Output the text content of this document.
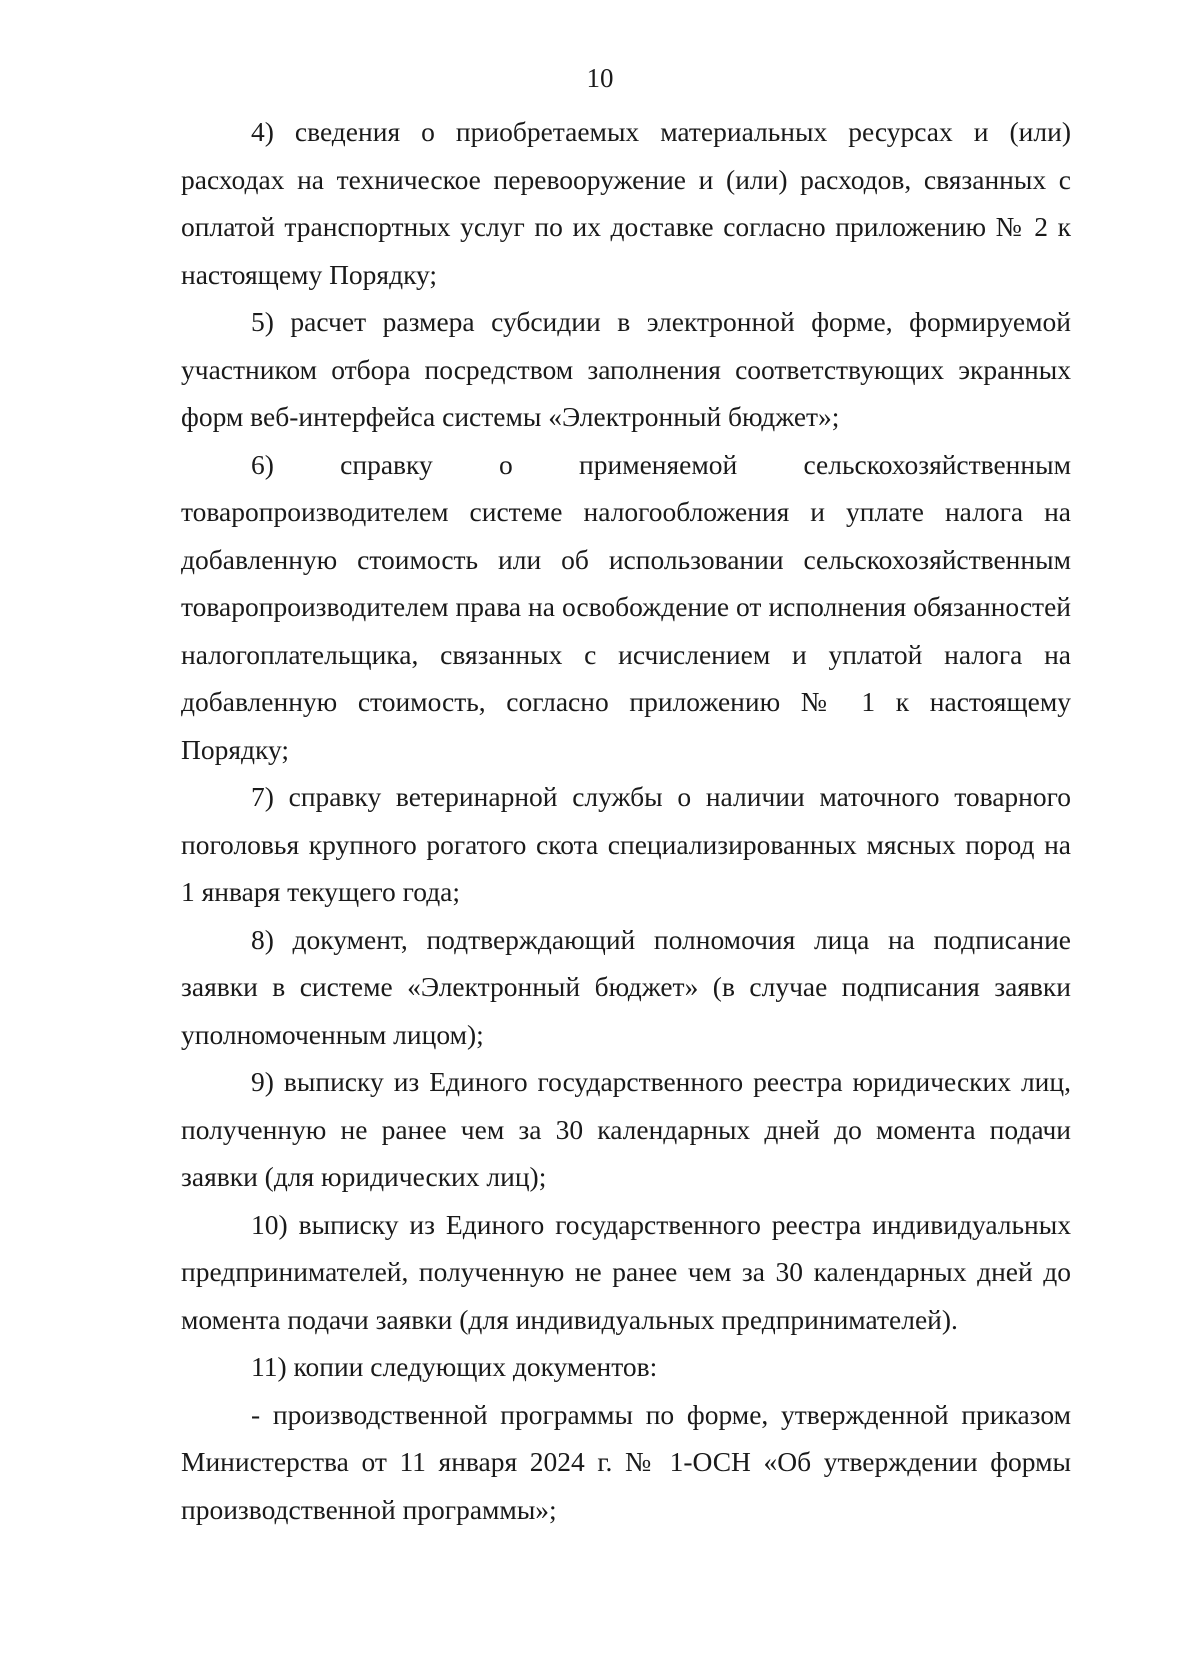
10

4) сведения о приобретаемых материальных ресурсах и (или) расходах на техническое перевооружение и (или) расходов, связанных с оплатой транспортных услуг по их доставке согласно приложению № 2 к настоящему Порядку;

5) расчет размера субсидии в электронной форме, формируемой участником отбора посредством заполнения соответствующих экранных форм веб-интерфейса системы «Электронный бюджет»;

6) справку о применяемой сельскохозяйственным товаропроизводителем системе налогообложения и уплате налога на добавленную стоимость или об использовании сельскохозяйственным товаропроизводителем права на освобождение от исполнения обязанностей налогоплательщика, связанных с исчислением и уплатой налога на добавленную стоимость, согласно приложению № 1 к настоящему Порядку;

7) справку ветеринарной службы о наличии маточного товарного поголовья крупного рогатого скота специализированных мясных пород на 1 января текущего года;

8) документ, подтверждающий полномочия лица на подписание заявки в системе «Электронный бюджет» (в случае подписания заявки уполномоченным лицом);

9) выписку из Единого государственного реестра юридических лиц, полученную не ранее чем за 30 календарных дней до момента подачи заявки (для юридических лиц);

10) выписку из Единого государственного реестра индивидуальных предпринимателей, полученную не ранее чем за 30 календарных дней до момента подачи заявки (для индивидуальных предпринимателей).

11) копии следующих документов:

- производственной программы по форме, утвержденной приказом Министерства от 11 января 2024 г. № 1-ОСН «Об утверждении формы производственной программы»;
